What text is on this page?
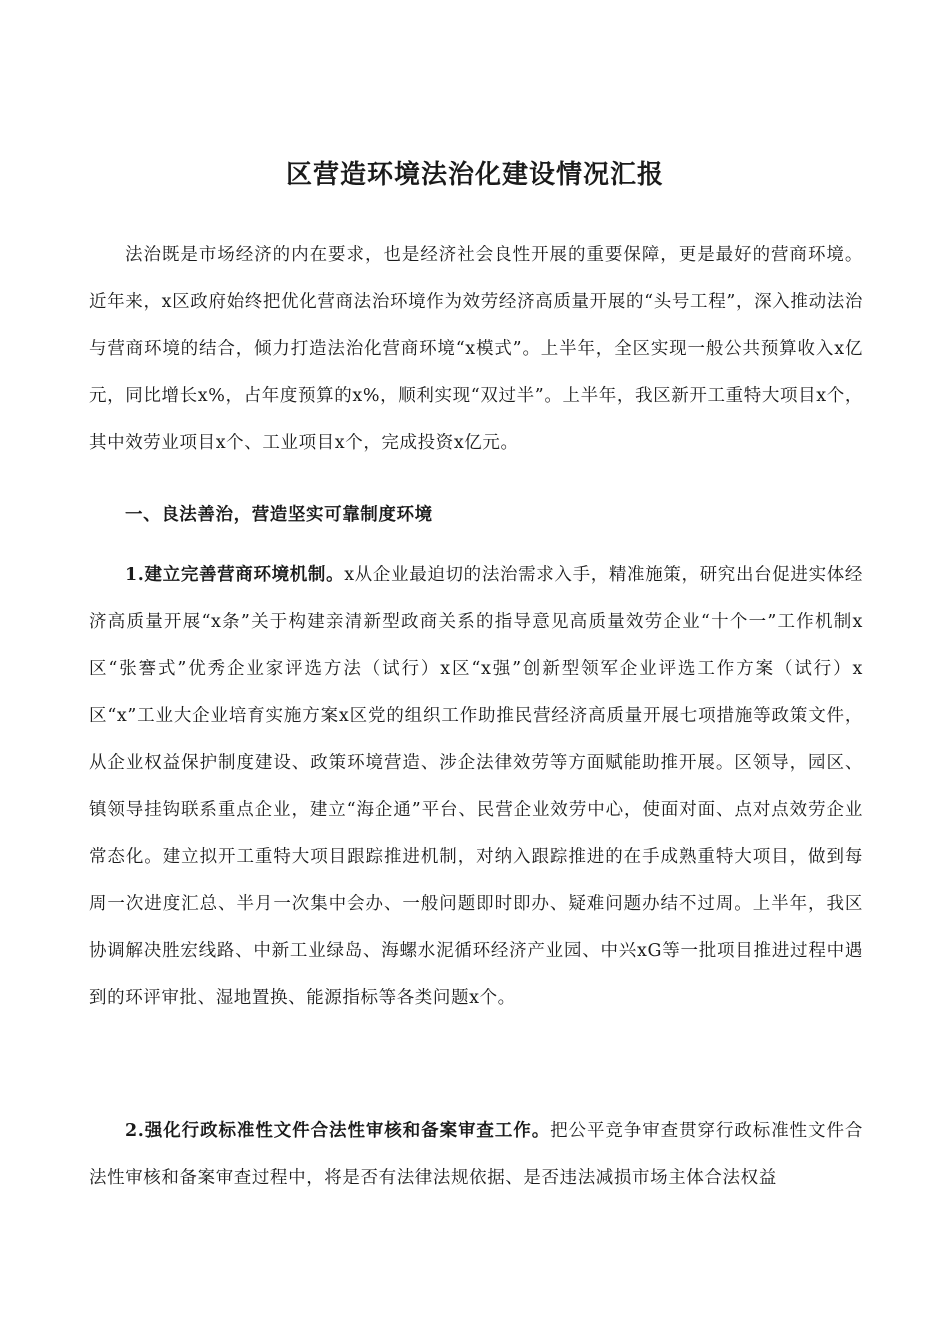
区营造环境法治化建设情况汇报

法治既是市场经济的内在要求，也是经济社会良性开展的重要保障，更是最好的营商环境。近年来，x区政府始终把优化营商法治环境作为效劳经济高质量开展的“头号工程”，深入推动法治与营商环境的结合，倾力打造法治化营商环境“x模式”。上半年，全区实现一般公共预算收入x亿元，同比增长x%，占年度预算的x%，顺利实现“双过半”。上半年，我区新开工重特大项目x个，其中效劳业项目x个、工业项目x个，完成投资x亿元。

一、良法善治，营造坚实可靠制度环境

1.建立完善营商环境机制。x从企业最迫切的法治需求入手，精准施策，研究出台促进实体经济高质量开展“x条”关于构建亲清新型政商关系的指导意见高质量效劳企业“十个一”工作机制x区“张謇式”优秀企业家评选方法（试行）x区“x强”创新型领军企业评选工作方案（试行）x区“x”工业大企业培育实施方案x区党的组织工作助推民营经济高质量开展七项措施等政策文件，从企业权益保护制度建设、政策环境营造、涉企法律效劳等方面赋能助推开展。区领导，园区、镇领导挂钩联系重点企业，建立“海企通”平台、民营企业效劳中心，使面对面、点对点效劳企业常态化。建立拟开工重特大项目跟踪推进机制，对纳入跟踪推进的在手成熟重特大项目，做到每周一次进度汇总、半月一次集中会办、一般问题即时即办、疑难问题办结不过周。上半年，我区协调解决胜宏线路、中新工业绿岛、海螺水泥循环经济产业园、中兴xG等一批项目推进过程中遇到的环评审批、湿地置换、能源指标等各类问题x个。

2.强化行政标准性文件合法性审核和备案审查工作。把公平竞争审查贯穿行政标准性文件合法性审核和备案审查过程中，将是否有法律法规依据、是否违法减损市场主体合法权益
